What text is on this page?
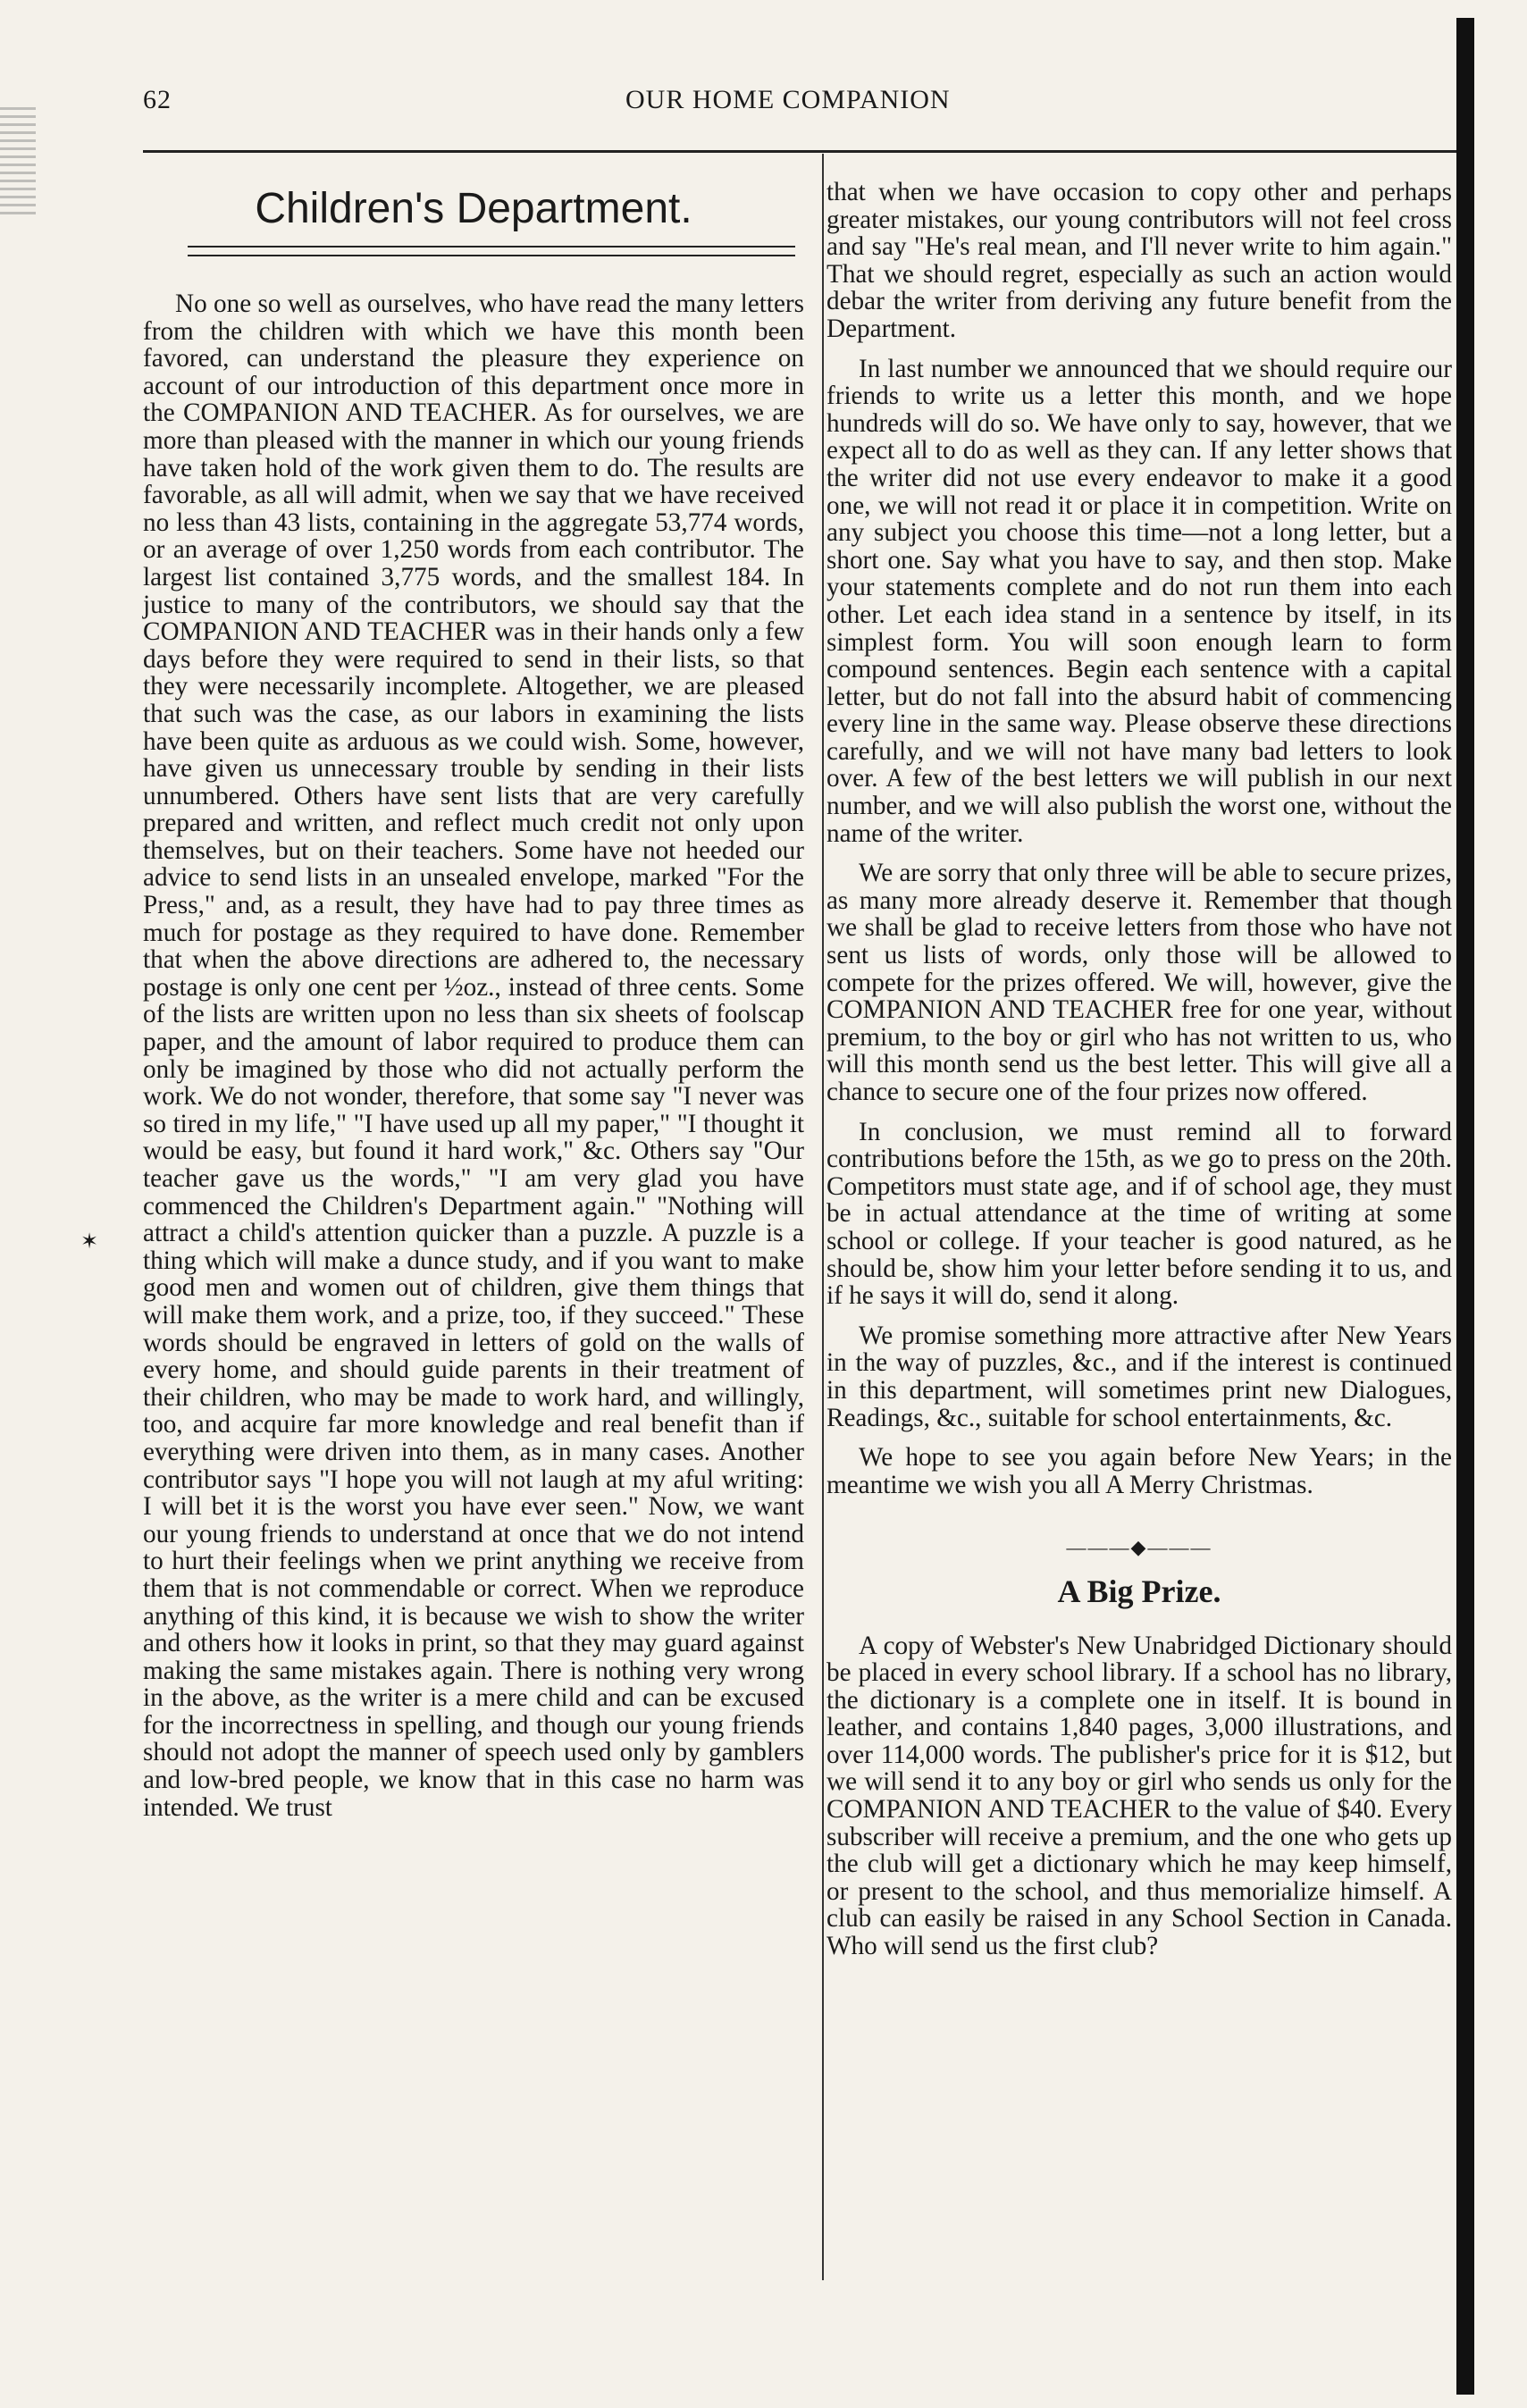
62	OUR HOME COMPANION
✶
Children's Department.

No one so well as ourselves, who have read the many letters from the children with which we have this month been favored, can understand the pleasure they experience on account of our introduction of this department once more in the COMPANION AND TEACHER. As for ourselves, we are more than pleased with the manner in which our young friends have taken hold of the work given them to do. The results are favorable, as all will admit, when we say that we have received no less than 43 lists, containing in the aggregate 53,774 words, or an average of over 1,250 words from each contributor. The largest list contained 3,775 words, and the smallest 184. In justice to many of the contributors, we should say that the COMPANION AND TEACHER was in their hands only a few days before they were required to send in their lists, so that they were necessarily incomplete. Altogether, we are pleased that such was the case, as our labors in examining the lists have been quite as arduous as we could wish. Some, however, have given us unnecessary trouble by sending in their lists unnumbered. Others have sent lists that are very carefully prepared and written, and reflect much credit not only upon themselves, but on their teachers. Some have not heeded our advice to send lists in an unsealed envelope, marked "For the Press," and, as a result, they have had to pay three times as much for postage as they required to have done. Remember that when the above directions are adhered to, the necessary postage is only one cent per ½oz., instead of three cents. Some of the lists are written upon no less than six sheets of foolscap paper, and the amount of labor required to produce them can only be imagined by those who did not actually perform the work. We do not wonder, therefore, that some say "I never was so tired in my life," "I have used up all my paper," "I thought it would be easy, but found it hard work," &c. Others say "Our teacher gave us the words," "I am very glad you have commenced the Children's Department again." "Nothing will attract a child's attention quicker than a puzzle. A puzzle is a thing which will make a dunce study, and if you want to make good men and women out of children, give them things that will make them work, and a prize, too, if they succeed." These words should be engraved in letters of gold on the walls of every home, and should guide parents in their treatment of their children, who may be made to work hard, and willingly, too, and acquire far more knowledge and real benefit than if everything were driven into them, as in many cases. Another contributor says "I hope you will not laugh at my aful writing: I will bet it is the worst you have ever seen." Now, we want our young friends to understand at once that we do not intend to hurt their feelings when we print anything we receive from them that is not commendable or correct. When we reproduce anything of this kind, it is because we wish to show the writer and others how it looks in print, so that they may guard against making the same mistakes again. There is nothing very wrong in the above, as the writer is a mere child and can be excused for the incorrectness in spelling, and though our young friends should not adopt the manner of speech used only by gamblers and low-bred people, we know that in this case no harm was intended. We trust

that when we have occasion to copy other and perhaps greater mistakes, our young contributors will not feel cross and say "He's real mean, and I'll never write to him again." That we should regret, especially as such an action would debar the writer from deriving any future benefit from the Department.

In last number we announced that we should require our friends to write us a letter this month, and we hope hundreds will do so. We have only to say, however, that we expect all to do as well as they can. If any letter shows that the writer did not use every endeavor to make it a good one, we will not read it or place it in competition. Write on any subject you choose this time—not a long letter, but a short one. Say what you have to say, and then stop. Make your statements complete and do not run them into each other. Let each idea stand in a sentence by itself, in its simplest form. You will soon enough learn to form compound sentences. Begin each sentence with a capital letter, but do not fall into the absurd habit of commencing every line in the same way. Please observe these directions carefully, and we will not have many bad letters to look over. A few of the best letters we will publish in our next number, and we will also publish the worst one, without the name of the writer.

We are sorry that only three will be able to secure prizes, as many more already deserve it. Remember that though we shall be glad to receive letters from those who have not sent us lists of words, only those will be allowed to compete for the prizes offered. We will, however, give the COMPANION AND TEACHER free for one year, without premium, to the boy or girl who has not written to us, who will this month send us the best letter. This will give all a chance to secure one of the four prizes now offered.

In conclusion, we must remind all to forward contributions before the 15th, as we go to press on the 20th. Competitors must state age, and if of school age, they must be in actual attendance at the time of writing at some school or college. If your teacher is good natured, as he should be, show him your letter before sending it to us, and if he says it will do, send it along.

We promise something more attractive after New Years in the way of puzzles, &c., and if the interest is continued in this department, will sometimes print new Dialogues, Readings, &c., suitable for school entertainments, &c.

We hope to see you again before New Years; in the meantime we wish you all A Merry Christmas.

———◆———
A Big Prize.

A copy of Webster's New Unabridged Dictionary should be placed in every school library. If a school has no library, the dictionary is a complete one in itself. It is bound in leather, and contains 1,840 pages, 3,000 illustrations, and over 114,000 words. The publisher's price for it is $12, but we will send it to any boy or girl who sends us only for the COMPANION AND TEACHER to the value of $40. Every subscriber will receive a premium, and the one who gets up the club will get a dictionary which he may keep himself, or present to the school, and thus memorialize himself. A club can easily be raised in any School Section in Canada. Who will send us the first club?
